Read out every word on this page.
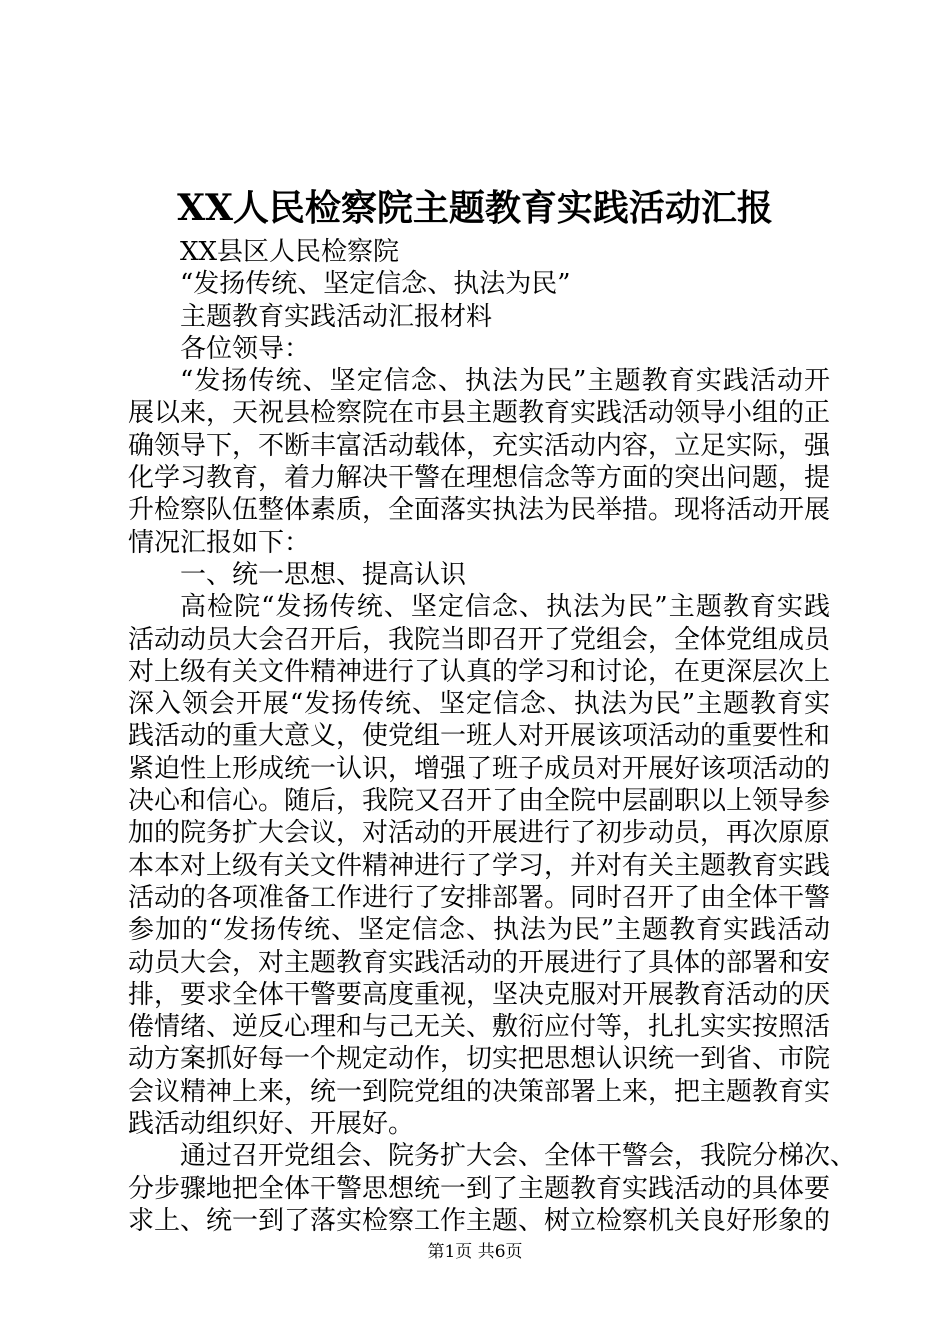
XX人民检察院主题教育实践活动汇报
XX县区人民检察院
“发扬传统、坚定信念、执法为民”
主题教育实践活动汇报材料
各位领导：
“发扬传统、坚定信念、执法为民”主题教育实践活动开
展以来，天祝县检察院在市县主题教育实践活动领导小组的正
确领导下，不断丰富活动载体，充实活动内容，立足实际，强
化学习教育，着力解决干警在理想信念等方面的突出问题，提
升检察队伍整体素质，全面落实执法为民举措。现将活动开展
情况汇报如下：
一、统一思想、提高认识
高检院“发扬传统、坚定信念、执法为民”主题教育实践
活动动员大会召开后，我院当即召开了党组会，全体党组成员
对上级有关文件精神进行了认真的学习和讨论，在更深层次上
深入领会开展“发扬传统、坚定信念、执法为民”主题教育实
践活动的重大意义，使党组一班人对开展该项活动的重要性和
紧迫性上形成统一认识，增强了班子成员对开展好该项活动的
决心和信心。随后，我院又召开了由全院中层副职以上领导参
加的院务扩大会议，对活动的开展进行了初步动员，再次原原
本本对上级有关文件精神进行了学习，并对有关主题教育实践
活动的各项准备工作进行了安排部署。同时召开了由全体干警
参加的“发扬传统、坚定信念、执法为民”主题教育实践活动
动员大会，对主题教育实践活动的开展进行了具体的部署和安
排，要求全体干警要高度重视，坚决克服对开展教育活动的厌
倦情绪、逆反心理和与己无关、敷衍应付等，扎扎实实按照活
动方案抓好每一个规定动作，切实把思想认识统一到省、市院
会议精神上来，统一到院党组的决策部署上来，把主题教育实
践活动组织好、开展好。
通过召开党组会、院务扩大会、全体干警会，我院分梯次、
分步骤地把全体干警思想统一到了主题教育实践活动的具体要
求上、统一到了落实检察工作主题、树立检察机关良好形象的
第1页 共6页
